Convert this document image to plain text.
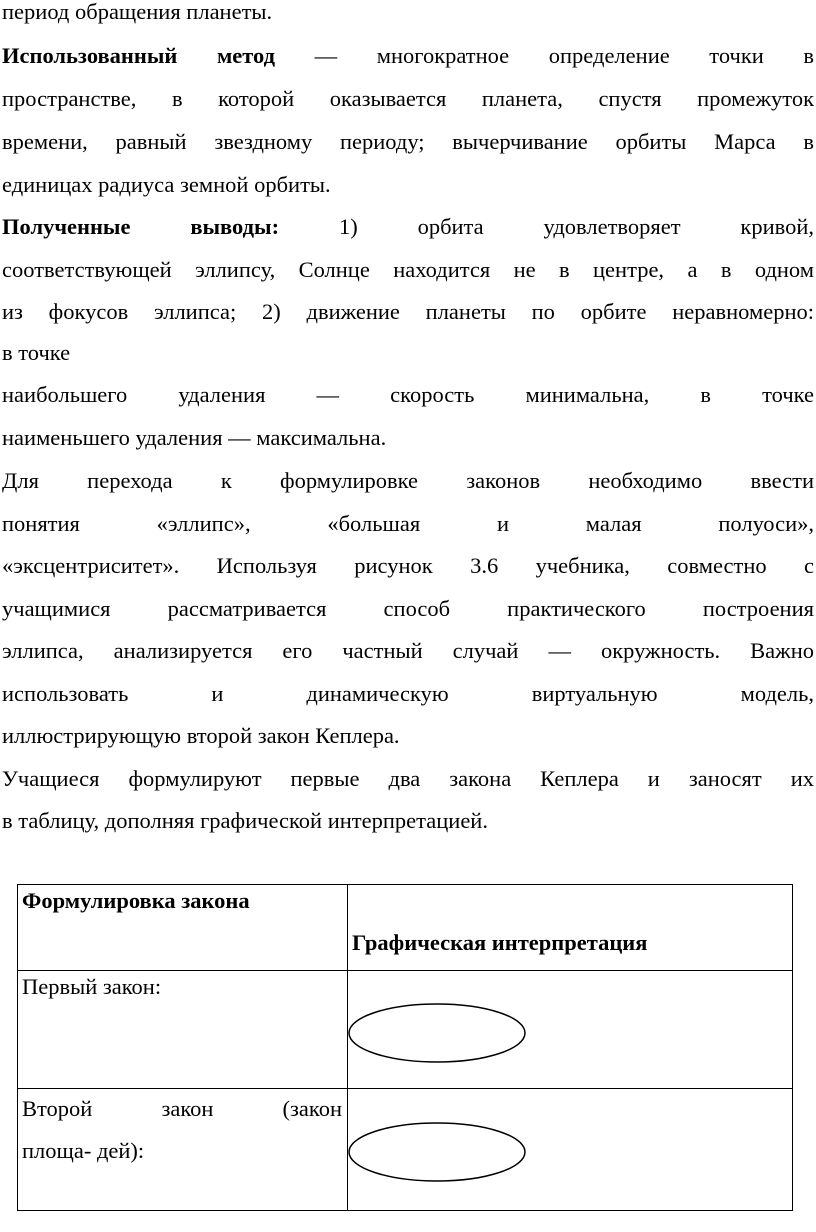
период обращения планеты.
Использованный метод — многократное определение точки в
пространстве, в которой оказывается планета, спустя промежуток
времени, равный звездному периоду; вычерчивание орбиты Марса в
единицах радиуса земной орбиты.
Полученные выводы:	1) орбита удовлетворяет кривой,
соответствующей эллипсу, Солнце находится не в центре, а в одном
из фокусов эллипса; 2) движение планеты по орбите неравномерно:
в точке
наибольшего удаления — скорость минимальна, в точке
наименьшего удаления — максимальна.
Для перехода к формулировке законов необходимо ввести
понятия «эллипс», «большая и малая полуоси»,
«эксцентриситет». Используя рисунок 3.6 учебника, совместно с
учащимися рассматривается способ практического построения
эллипса, анализируется его частный случай — окружность. Важно
использовать и динамическую виртуальную модель,
иллюстрирующую второй закон Кеплера.
Учащиеся формулируют первые два закона Кеплера и заносят их
в таблицу, дополняя графической интерпретацией.
Формулировка закона	Графическая интерпретация

Первый закон:

Второй закон (закон
площа- дей):
